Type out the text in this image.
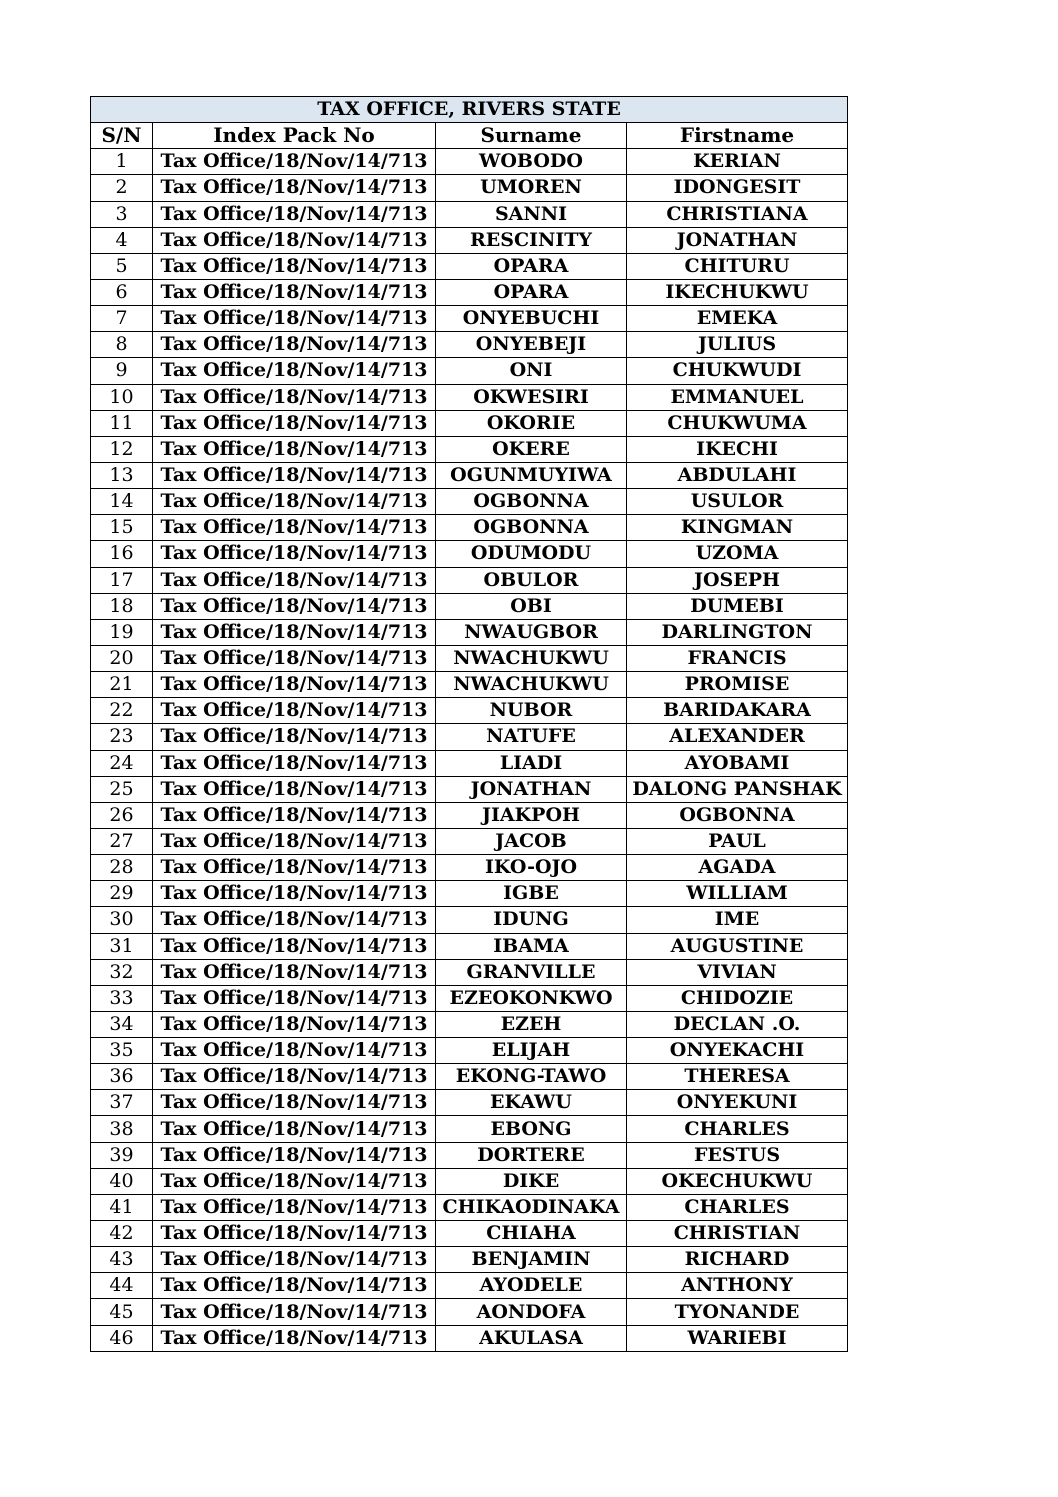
TAX OFFICE, RIVERS STATE			
S/N	Index Pack No	Surname	Firstname
1	Tax Office/18/Nov/14/713	WOBODO	KERIAN
2	Tax Office/18/Nov/14/713	UMOREN	IDONGESIT
3	Tax Office/18/Nov/14/713	SANNI	CHRISTIANA
4	Tax Office/18/Nov/14/713	RESCINITY	JONATHAN
5	Tax Office/18/Nov/14/713	OPARA	CHITURU
6	Tax Office/18/Nov/14/713	OPARA	IKECHUKWU
7	Tax Office/18/Nov/14/713	ONYEBUCHI	EMEKA
8	Tax Office/18/Nov/14/713	ONYEBEJI	JULIUS
9	Tax Office/18/Nov/14/713	ONI	CHUKWUDI
10	Tax Office/18/Nov/14/713	OKWESIRI	EMMANUEL
11	Tax Office/18/Nov/14/713	OKORIE	CHUKWUMA
12	Tax Office/18/Nov/14/713	OKERE	IKECHI
13	Tax Office/18/Nov/14/713	OGUNMUYIWA	ABDULAHI
14	Tax Office/18/Nov/14/713	OGBONNA	USULOR
15	Tax Office/18/Nov/14/713	OGBONNA	KINGMAN
16	Tax Office/18/Nov/14/713	ODUMODU	UZOMA
17	Tax Office/18/Nov/14/713	OBULOR	JOSEPH
18	Tax Office/18/Nov/14/713	OBI	DUMEBI
19	Tax Office/18/Nov/14/713	NWAUGBOR	DARLINGTON
20	Tax Office/18/Nov/14/713	NWACHUKWU	FRANCIS
21	Tax Office/18/Nov/14/713	NWACHUKWU	PROMISE
22	Tax Office/18/Nov/14/713	NUBOR	BARIDAKARA
23	Tax Office/18/Nov/14/713	NATUFE	ALEXANDER
24	Tax Office/18/Nov/14/713	LIADI	AYOBAMI
25	Tax Office/18/Nov/14/713	JONATHAN	DALONG PANSHAK
26	Tax Office/18/Nov/14/713	JIAKPOH	OGBONNA
27	Tax Office/18/Nov/14/713	JACOB	PAUL
28	Tax Office/18/Nov/14/713	IKO-OJO	AGADA
29	Tax Office/18/Nov/14/713	IGBE	WILLIAM
30	Tax Office/18/Nov/14/713	IDUNG	IME
31	Tax Office/18/Nov/14/713	IBAMA	AUGUSTINE
32	Tax Office/18/Nov/14/713	GRANVILLE	VIVIAN
33	Tax Office/18/Nov/14/713	EZEOKONKWO	CHIDOZIE
34	Tax Office/18/Nov/14/713	EZEH	DECLAN .O.
35	Tax Office/18/Nov/14/713	ELIJAH	ONYEKACHI
36	Tax Office/18/Nov/14/713	EKONG-TAWO	THERESA
37	Tax Office/18/Nov/14/713	EKAWU	ONYEKUNI
38	Tax Office/18/Nov/14/713	EBONG	CHARLES
39	Tax Office/18/Nov/14/713	DORTERE	FESTUS
40	Tax Office/18/Nov/14/713	DIKE	OKECHUKWU
41	Tax Office/18/Nov/14/713	CHIKAODINAKA	CHARLES
42	Tax Office/18/Nov/14/713	CHIAHA	CHRISTIAN
43	Tax Office/18/Nov/14/713	BENJAMIN	RICHARD
44	Tax Office/18/Nov/14/713	AYODELE	ANTHONY
45	Tax Office/18/Nov/14/713	AONDOFA	TYONANDE
46	Tax Office/18/Nov/14/713	AKULASA	WARIEBI
